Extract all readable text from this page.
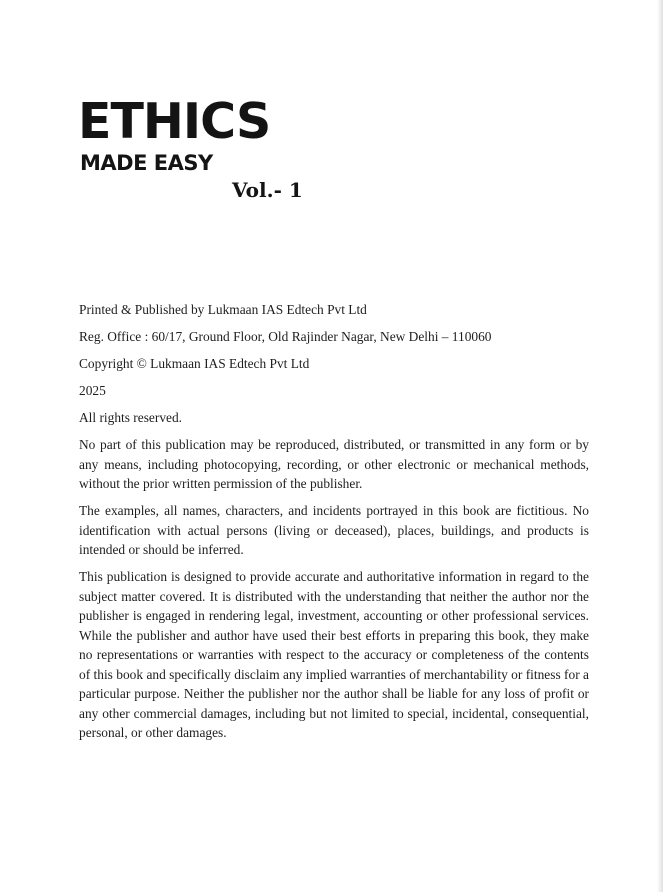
ETHICS
MADE EASY
Vol.- 1

Printed & Published by Lukmaan IAS Edtech Pvt Ltd

Reg. Office : 60/17, Ground Floor, Old Rajinder Nagar, New Delhi – 110060

Copyright © Lukmaan IAS Edtech Pvt Ltd

2025

All rights reserved.

No part of this publication may be reproduced, distributed, or transmitted in any form or by any means, including photocopying, recording, or other electronic or mechanical methods, without the prior written permission of the publisher.

The examples, all names, characters, and incidents portrayed in this book are fictitious. No identification with actual persons (living or deceased), places, buildings, and products is intended or should be inferred.

This publication is designed to provide accurate and authoritative information in regard to the subject matter covered. It is distributed with the understanding that neither the author nor the publisher is engaged in rendering legal, investment, accounting or other professional services. While the publisher and author have used their best efforts in preparing this book, they make no representations or warranties with respect to the accuracy or completeness of the contents of this book and specifically disclaim any implied warranties of merchantability or fitness for a particular purpose. Neither the publisher nor the author shall be liable for any loss of profit or any other commercial damages, including but not limited to special, incidental, consequential, personal, or other damages.
